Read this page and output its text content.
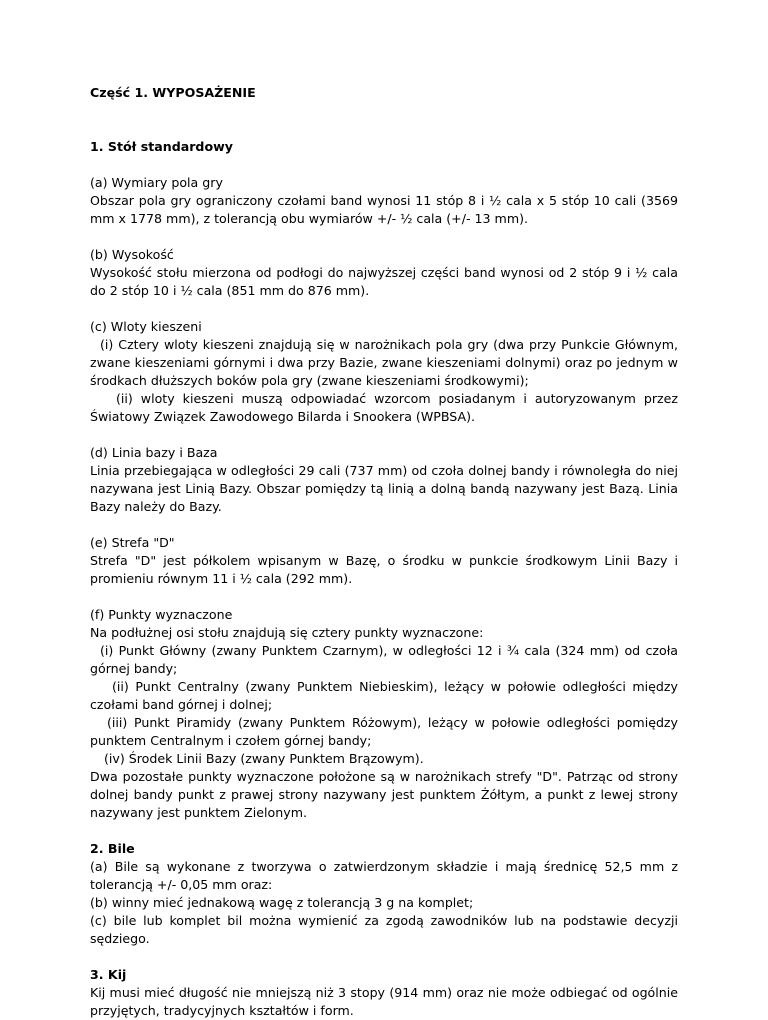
Część 1. WYPOSAŻENIE

1. Stół standardowy

(a) Wymiary pola gry
Obszar pola gry ograniczony czołami band wynosi 11 stóp 8 i ½ cala x 5 stóp 10 cali (3569 mm x 1778 mm), z tolerancją obu wymiarów +/- ½ cala (+/- 13 mm).
(b) Wysokość
Wysokość stołu mierzona od podłogi do najwyższej części band wynosi od 2 stóp 9 i ½ cala do 2 stóp 10 i ½ cala (851 mm do 876 mm).
(c) Wloty kieszeni
(i) Cztery wloty kieszeni znajdują się w narożnikach pola gry (dwa przy Punkcie Głównym, zwane kieszeniami górnymi i dwa przy Bazie, zwane kieszeniami dolnymi) oraz po jednym w środkach dłuższych boków pola gry (zwane kieszeniami środkowymi);
(ii) wloty kieszeni muszą odpowiadać wzorcom posiadanym i autoryzowanym przez Światowy Związek Zawodowego Bilarda i Snookera (WPBSA).
(d) Linia bazy i Baza
Linia przebiegająca w odległości 29 cali (737 mm) od czoła dolnej bandy i równoległa do niej nazywana jest Linią Bazy. Obszar pomiędzy tą linią a dolną bandą nazywany jest Bazą. Linia Bazy należy do Bazy.
(e) Strefa "D"
Strefa "D" jest półkolem wpisanym w Bazę, o środku w punkcie środkowym Linii Bazy i promieniu równym 11 i ½ cala (292 mm).
(f) Punkty wyznaczone
Na podłużnej osi stołu znajdują się cztery punkty wyznaczone:
(i) Punkt Główny (zwany Punktem Czarnym), w odległości 12 i ¾ cala (324 mm) od czoła górnej bandy;
(ii) Punkt Centralny (zwany Punktem Niebieskim), leżący w połowie odległości między czołami band górnej i dolnej;
(iii) Punkt Piramidy (zwany Punktem Różowym), leżący w połowie odległości pomiędzy punktem Centralnym i czołem górnej bandy;
(iv) Środek Linii Bazy (zwany Punktem Brązowym).
Dwa pozostałe punkty wyznaczone położone są w narożnikach strefy "D". Patrząc od strony dolnej bandy punkt z prawej strony nazywany jest punktem Żółtym, a punkt z lewej strony nazywany jest punktem Zielonym.

2. Bile

(a) Bile są wykonane z tworzywa o zatwierdzonym składzie i mają średnicę 52,5 mm z tolerancją +/- 0,05 mm oraz:
(b) winny mieć jednakową wagę z tolerancją 3 g na komplet;
(c) bile lub komplet bil można wymienić za zgodą zawodników lub na podstawie decyzji sędziego.

3. Kij

Kij musi mieć długość nie mniejszą niż 3 stopy (914 mm) oraz nie może odbiegać od ogólnie przyjętych, tradycyjnych kształtów i form.
